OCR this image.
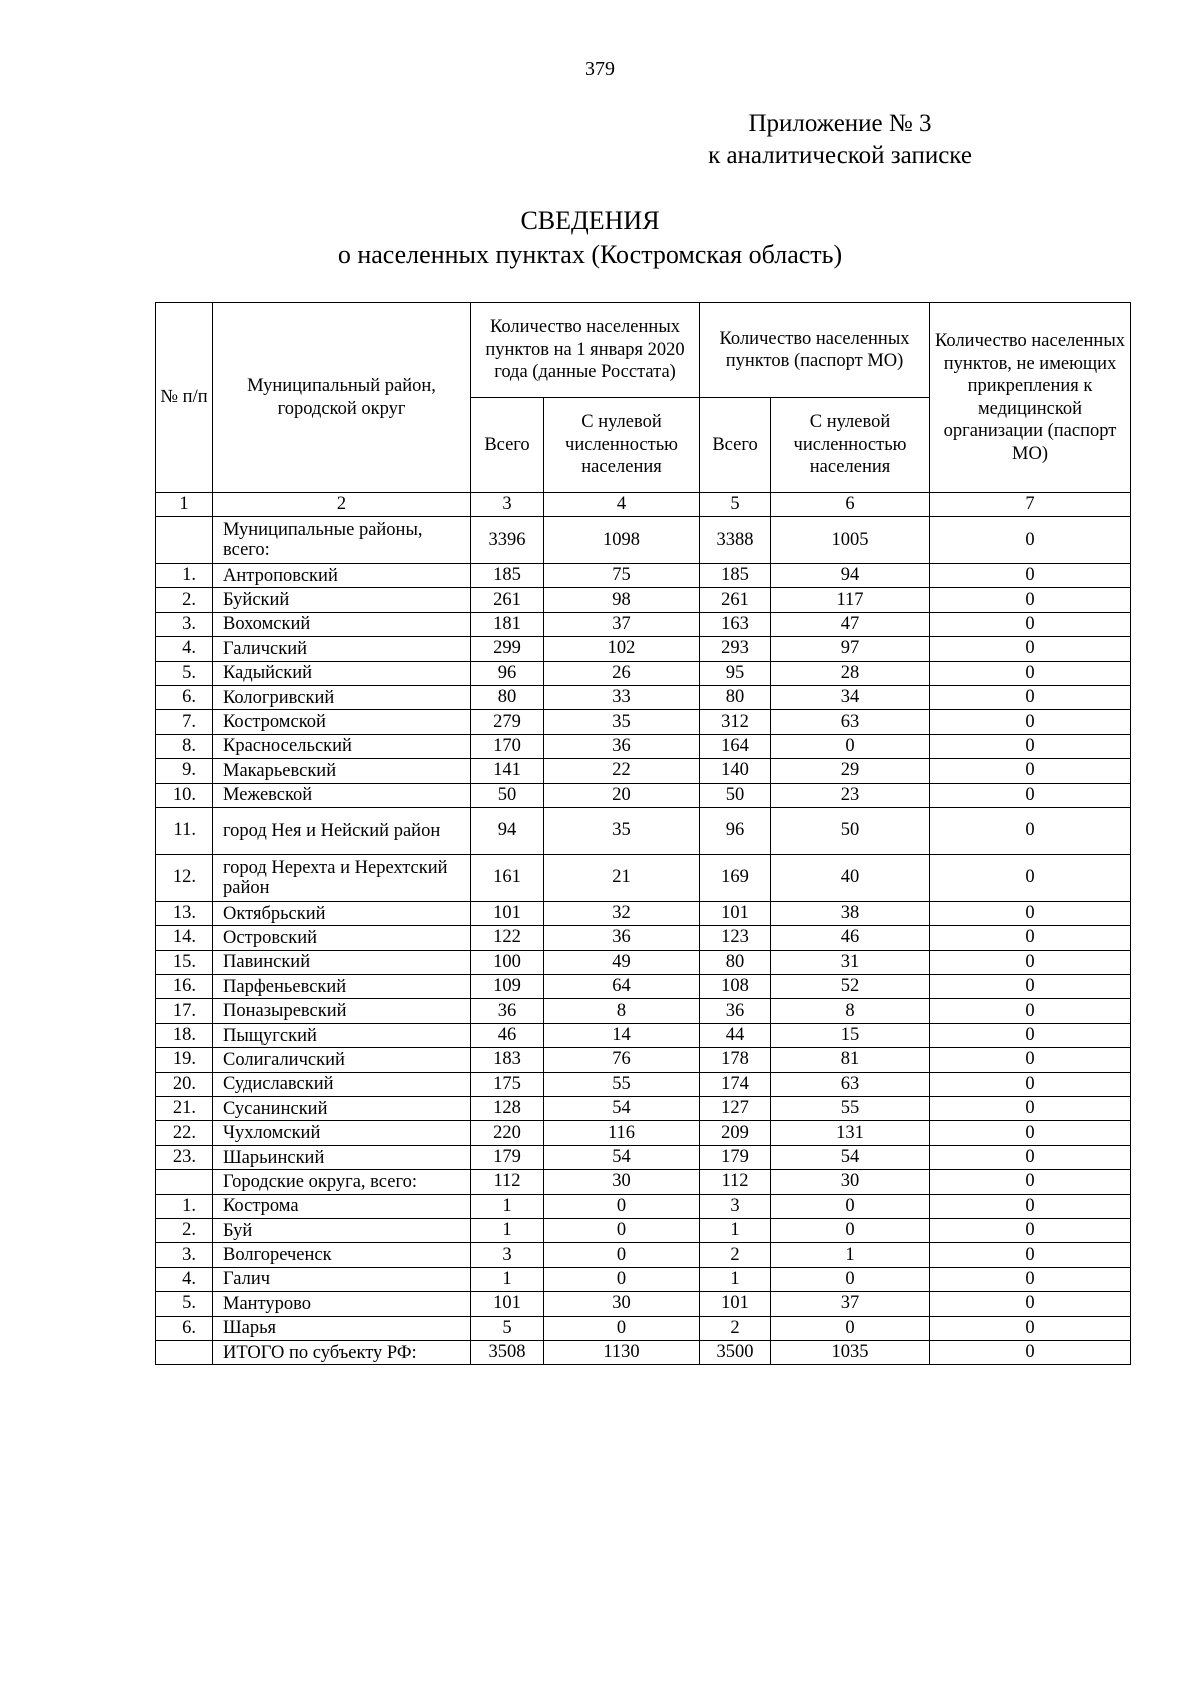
379
Приложение № 3
к аналитической записке
СВЕДЕНИЯ
о населенных пунктах (Костромская область)
№ п/п	Муниципальный район, городской округ	Количество населенных пунктов на 1 января 2020 года (данные Росстата)		Количество населенных пунктов (паспорт МО)		Количество населенных пунктов, не имеющих прикрепления к медицинской организации (паспорт МО)
		Всего	С нулевой численностью населения	Всего	С нулевой численностью населения	
1	2	3	4	5	6	7
	Муниципальные районы, всего:	3396	1098	3388	1005	0
1.	Антроповский	185	75	185	94	0
2.	Буйский	261	98	261	117	0
3.	Вохомский	181	37	163	47	0
4.	Галичский	299	102	293	97	0
5.	Кадыйский	96	26	95	28	0
6.	Кологривский	80	33	80	34	0
7.	Костромской	279	35	312	63	0
8.	Красносельский	170	36	164	0	0
9.	Макарьевский	141	22	140	29	0
10.	Межевской	50	20	50	23	0
11.	город Нея и Нейский район	94	35	96	50	0
12.	город Нерехта и Нерехтский район	161	21	169	40	0
13.	Октябрьский	101	32	101	38	0
14.	Островский	122	36	123	46	0
15.	Павинский	100	49	80	31	0
16.	Парфеньевский	109	64	108	52	0
17.	Поназыревский	36	8	36	8	0
18.	Пыщугский	46	14	44	15	0
19.	Солигаличский	183	76	178	81	0
20.	Судиславский	175	55	174	63	0
21.	Сусанинский	128	54	127	55	0
22.	Чухломский	220	116	209	131	0
23.	Шарьинский	179	54	179	54	0
	Городские округа, всего:	112	30	112	30	0
1.	Кострома	1	0	3	0	0
2.	Буй	1	0	1	0	0
3.	Волгореченск	3	0	2	1	0
4.	Галич	1	0	1	0	0
5.	Мантурово	101	30	101	37	0
6.	Шарья	5	0	2	0	0
	ИТОГО по субъекту РФ:	3508	1130	3500	1035	0
